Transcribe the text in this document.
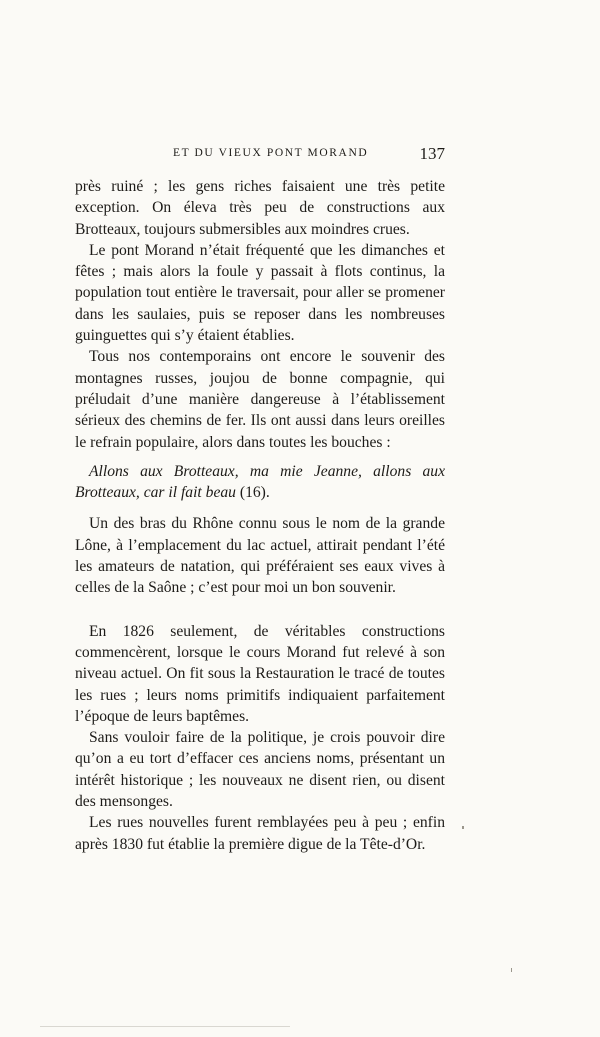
ET DU VIEUX PONT MORAND	137

près ruiné ; les gens riches faisaient une très petite exception. On éleva très peu de constructions aux Brotteaux, toujours submersibles aux moindres crues.

Le pont Morand n’était fréquenté que les dimanches et fêtes ; mais alors la foule y passait à flots continus, la population tout entière le traversait, pour aller se promener dans les saulaies, puis se reposer dans les nombreuses guinguettes qui s’y étaient établies.

Tous nos contemporains ont encore le souvenir des montagnes russes, joujou de bonne compagnie, qui préludait d’une manière dangereuse à l’établissement sérieux des chemins de fer. Ils ont aussi dans leurs oreilles le refrain populaire, alors dans toutes les bouches :

Allons aux Brotteaux, ma mie Jeanne, allons aux Brotteaux, car il fait beau (16).

Un des bras du Rhône connu sous le nom de la grande Lône, à l’emplacement du lac actuel, attirait pendant l’été les amateurs de natation, qui préféraient ses eaux vives à celles de la Saône ; c’est pour moi un bon souvenir.

En 1826 seulement, de véritables constructions commencèrent, lorsque le cours Morand fut relevé à son niveau actuel. On fit sous la Restauration le tracé de toutes les rues ; leurs noms primitifs indiquaient parfaitement l’époque de leurs baptêmes.

Sans vouloir faire de la politique, je crois pouvoir dire qu’on a eu tort d’effacer ces anciens noms, présentant un intérêt historique ; les nouveaux ne disent rien, ou disent des mensonges.

Les rues nouvelles furent remblayées peu à peu ; enfin après 1830 fut établie la première digue de la Tête-d’Or.
